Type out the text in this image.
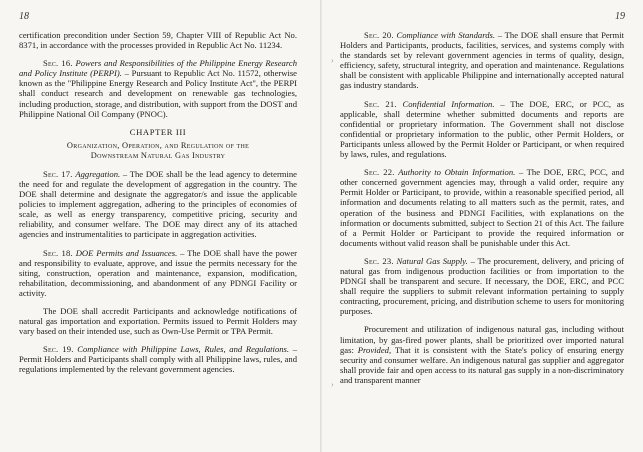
18

certification precondition under Section 59, Chapter VIII of Republic Act No. 8371, in accordance with the processes provided in Republic Act No. 11234.

Sec. 16. Powers and Responsibilities of the Philippine Energy Research and Policy Institute (PERPI). – Pursuant to Republic Act No. 11572, otherwise known as the "Philippine Energy Research and Policy Institute Act", the PERPI shall conduct research and development on renewable gas technologies, including production, storage, and distribution, with support from the DOST and Philippine National Oil Company (PNOC).

CHAPTER III
Organization, Operation, and Regulation of the
Downstream Natural Gas Industry

Sec. 17. Aggregation. – The DOE shall be the lead agency to determine the need for and regulate the development of aggregation in the country. The DOE shall determine and designate the aggregator/s and issue the applicable policies to implement aggregation, adhering to the principles of economies of scale, as well as energy transparency, competitive pricing, security and reliability, and consumer welfare. The DOE may direct any of its attached agencies and instrumentalities to participate in aggregation activities.

Sec. 18. DOE Permits and Issuances. – The DOE shall have the power and responsibility to evaluate, approve, and issue the permits necessary for the siting, construction, operation and maintenance, expansion, modification, rehabilitation, decommissioning, and abandonment of any PDNGI Facility or activity.

The DOE shall accredit Participants and acknowledge notifications of natural gas importation and exportation. Permits issued to Permit Holders may vary based on their intended use, such as Own-Use Permit or TPA Permit.

Sec. 19. Compliance with Philippine Laws, Rules, and Regulations. – Permit Holders and Participants shall comply with all Philippine laws, rules, and regulations implemented by the relevant government agencies.

›
›
19

Sec. 20. Compliance with Standards. – The DOE shall ensure that Permit Holders and Participants, products, facilities, services, and systems comply with the standards set by relevant government agencies in terms of quality, design, efficiency, safety, structural integrity, and operation and maintenance. Regulations shall be consistent with applicable Philippine and internationally accepted natural gas industry standards.

Sec. 21. Confidential Information. – The DOE, ERC, or PCC, as applicable, shall determine whether submitted documents and reports are confidential or proprietary information. The Government shall not disclose confidential or proprietary information to the public, other Permit Holders, or Participants unless allowed by the Permit Holder or Participant, or when required by laws, rules, and regulations.

Sec. 22. Authority to Obtain Information. – The DOE, ERC, PCC, and other concerned government agencies may, through a valid order, require any Permit Holder or Participant, to provide, within a reasonable specified period, all information and documents relating to all matters such as the permit, rates, and operation of the business and PDNGI Facilities, with explanations on the information or documents submitted, subject to Section 21 of this Act. The failure of a Permit Holder or Participant to provide the required information or documents without valid reason shall be punishable under this Act.

Sec. 23. Natural Gas Supply. – The procurement, delivery, and pricing of natural gas from indigenous production facilities or from importation to the PDNGI shall be transparent and secure. If necessary, the DOE, ERC, and PCC shall require the suppliers to submit relevant information pertaining to supply contracting, procurement, pricing, and distribution scheme to users for monitoring purposes.

Procurement and utilization of indigenous natural gas, including without limitation, by gas-fired power plants, shall be prioritized over imported natural gas: Provided, That it is consistent with the State's policy of ensuring energy security and consumer welfare. An indigenous natural gas supplier and aggregator shall provide fair and open access to its natural gas supply in a non-discriminatory and transparent manner
